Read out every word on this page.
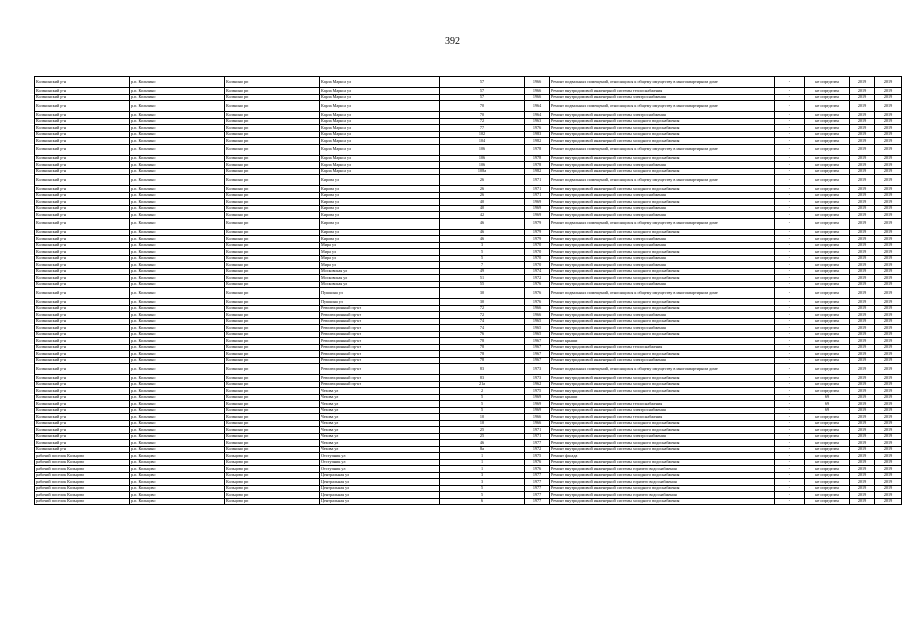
392
Кольчинский р-н	р.п. Кольчино	Кольчино рп	Карла Маркса ул	57	1966	Ремонт подвальных помещений, относящихся к общему имуществу в многоквартирном доме	-	не определен	2019	2019
Кольчинский р-н	р.п. Кольчино	Кольчино рп	Карла Маркса ул	57	1966	Ремонт внутридомовой инженерной системы теплоснабжения	-	не определен	2019	2019
Кольчинский р-н	р.п. Кольчино	Кольчино рп	Карла Маркса ул	57	1966	Ремонт внутридомовой инженерной системы электроснабжения	-	не определен	2019	2019
Кольчинский р-н	р.п. Кольчино	Кольчино рп	Карла Маркса ул	70	1964	Ремонт подвальных помещений, относящихся к общему имуществу в многоквартирном доме	-	не определен	2019	2019
Кольчинский р-н	р.п. Кольчино	Кольчино рп	Карла Маркса ул	70	1964	Ремонт внутридомовой инженерной системы электроснабжения	-	не определен	2019	2019
Кольчинский р-н	р.п. Кольчино	Кольчино рп	Карла Маркса ул	72	1963	Ремонт внутридомовой инженерной системы холодного водоснабжения	-	не определен	2019	2019
Кольчинский р-н	р.п. Кольчино	Кольчино рп	Карла Маркса ул	77	1976	Ремонт внутридомовой инженерной системы холодного водоснабжения	-	не определен	2019	2019
Кольчинский р-н	р.п. Кольчино	Кольчино рп	Карла Маркса ул	102	1983	Ремонт внутридомовой инженерной системы холодного водоснабжения	-	не определен	2019	2019
Кольчинский р-н	р.п. Кольчино	Кольчино рп	Карла Маркса ул	104	1982	Ремонт внутридомовой инженерной системы холодного водоснабжения	-	не определен	2019	2019
Кольчинский р-н	р.п. Кольчино	Кольчино рп	Карла Маркса ул	106	1978	Ремонт подвальных помещений, относящихся к общему имуществу в многоквартирном доме	-	не определен	2019	2019
Кольчинский р-н	р.п. Кольчино	Кольчино рп	Карла Маркса ул	106	1978	Ремонт внутридомовой инженерной системы холодного водоснабжения	-	не определен	2019	2019
Кольчинский р-н	р.п. Кольчино	Кольчино рп	Карла Маркса ул	106	1978	Ремонт внутридомовой инженерной системы электроснабжения	-	не определен	2019	2019
Кольчинский р-н	р.п. Кольчино	Кольчино рп	Карла Маркса ул	108а	1982	Ремонт внутридомовой инженерной системы холодного водоснабжения	-	не определен	2019	2019
Кольчинский р-н	р.п. Кольчино	Кольчино рп	Кирова ул	26	1971	Ремонт подвальных помещений, относящихся к общему имуществу в многоквартирном доме	-	не определен	2019	2019
Кольчинский р-н	р.п. Кольчино	Кольчино рп	Кирова ул	26	1971	Ремонт внутридомовой инженерной системы холодного водоснабжения	-	не определен	2019	2019
Кольчинский р-н	р.п. Кольчино	Кольчино рп	Кирова ул	26	1971	Ремонт внутридомовой инженерной системы электроснабжения	-	не определен	2019	2019
Кольчинский р-н	р.п. Кольчино	Кольчино рп	Кирова ул	40	1969	Ремонт внутридомовой инженерной системы холодного водоснабжения	-	не определен	2019	2019
Кольчинский р-н	р.п. Кольчино	Кольчино рп	Кирова ул	40	1969	Ремонт внутридомовой инженерной системы электроснабжения	-	не определен	2019	2019
Кольчинский р-н	р.п. Кольчино	Кольчино рп	Кирова ул	42	1969	Ремонт внутридомовой инженерной системы электроснабжения	-	не определен	2019	2019
Кольчинский р-н	р.п. Кольчино	Кольчино рп	Кирова ул	46	1979	Ремонт подвальных помещений, относящихся к общему имуществу в многоквартирном доме	-	не определен	2019	2019
Кольчинский р-н	р.п. Кольчино	Кольчино рп	Кирова ул	46	1979	Ремонт внутридомовой инженерной системы холодного водоснабжения	-	не определен	2019	2019
Кольчинский р-н	р.п. Кольчино	Кольчино рп	Кирова ул	46	1979	Ремонт внутридомовой инженерной системы электроснабжения	-	не определен	2019	2019
Кольчинский р-н	р.п. Кольчино	Кольчино рп	Мира ул	3	1970	Ремонт внутридомовой инженерной системы электроснабжения	-	не определен	2019	2019
Кольчинский р-н	р.п. Кольчино	Кольчино рп	Мира ул	5	1970	Ремонт внутридомовой инженерной системы холодного водоснабжения	-	не определен	2019	2019
Кольчинский р-н	р.п. Кольчино	Кольчино рп	Мира ул	5	1970	Ремонт внутридомовой инженерной системы электроснабжения	-	не определен	2019	2019
Кольчинский р-н	р.п. Кольчино	Кольчино рп	Мира ул	7	1970	Ремонт внутридомовой инженерной системы электроснабжения	-	не определен	2019	2019
Кольчинский р-н	р.п. Кольчино	Кольчино рп	Московская ул	49	1974	Ремонт внутридомовой инженерной системы холодного водоснабжения	-	не определен	2019	2019
Кольчинский р-н	р.п. Кольчино	Кольчино рп	Московская ул	51	1972	Ремонт внутридомовой инженерной системы холодного водоснабжения	-	не определен	2019	2019
Кольчинский р-н	р.п. Кольчино	Кольчино рп	Московская ул	55	1976	Ремонт внутридомовой инженерной системы электроснабжения	-	не определен	2019	2019
Кольчинский р-н	р.п. Кольчино	Кольчино рп	Пушкина ул	30	1976	Ремонт подвальных помещений, относящихся к общему имуществу в многоквартирном доме	-	не определен	2019	2019
Кольчинский р-н	р.п. Кольчино	Кольчино рп	Пушкина ул	30	1976	Ремонт внутридомовой инженерной системы холодного водоснабжения	-	не определен	2019	2019
Кольчинский р-н	р.п. Кольчино	Кольчино рп	Революционный пр-кт	72	1966	Ремонт внутридомовой инженерной системы холодного водоснабжения	-	не определен	2019	2019
Кольчинский р-н	р.п. Кольчино	Кольчино рп	Революционный пр-кт	72	1966	Ремонт внутридомовой инженерной системы электроснабжения	-	не определен	2019	2019
Кольчинский р-н	р.п. Кольчино	Кольчино рп	Революционный пр-кт	74	1965	Ремонт внутридомовой инженерной системы холодного водоснабжения	-	не определен	2019	2019
Кольчинский р-н	р.п. Кольчино	Кольчино рп	Революционный пр-кт	74	1965	Ремонт внутридомовой инженерной системы электроснабжения	-	не определен	2019	2019
Кольчинский р-н	р.п. Кольчино	Кольчино рп	Революционный пр-кт	76	1965	Ремонт внутридомовой инженерной системы холодного водоснабжения	-	не определен	2019	2019
Кольчинский р-н	р.п. Кольчино	Кольчино рп	Революционный пр-кт	78	1967	Ремонт крыши	-	не определен	2019	2019
Кольчинский р-н	р.п. Кольчино	Кольчино рп	Революционный пр-кт	78	1967	Ремонт внутридомовой инженерной системы теплоснабжения	-	не определен	2019	2019
Кольчинский р-н	р.п. Кольчино	Кольчино рп	Революционный пр-кт	78	1967	Ремонт внутридомовой инженерной системы холодного водоснабжения	-	не определен	2019	2019
Кольчинский р-н	р.п. Кольчино	Кольчино рп	Революционный пр-кт	78	1967	Ремонт внутридомовой инженерной системы электроснабжения	-	не определен	2019	2019
Кольчинский р-н	р.п. Кольчино	Кольчино рп	Революционный пр-кт	83	1973	Ремонт подвальных помещений, относящихся к общему имуществу в многоквартирном доме	-	не определен	2019	2019
Кольчинский р-н	р.п. Кольчино	Кольчино рп	Революционный пр-кт	83	1973	Ремонт внутридомовой инженерной системы холодного водоснабжения	-	не определен	2019	2019
Кольчинский р-н	р.п. Кольчино	Кольчино рп	Революционный пр-кт	21а	1962	Ремонт внутридомовой инженерной системы холодного водоснабжения	-	не определен	2019	2019
Кольчинский р-н	р.п. Кольчино	Кольчино рп	Чехова ул	2	1975	Ремонт внутридомовой инженерной системы холодного водоснабжения	-	не определен	2019	2019
Кольчинский р-н	р.п. Кольчино	Кольчино рп	Чехова ул	5	1969	Ремонт крыши	-	69	2019	2019
Кольчинский р-н	р.п. Кольчино	Кольчино рп	Чехова ул	5	1969	Ремонт внутридомовой инженерной системы теплоснабжения	-	69	2019	2019
Кольчинский р-н	р.п. Кольчино	Кольчино рп	Чехова ул	5	1969	Ремонт внутридомовой инженерной системы электроснабжения	-	69	2019	2019
Кольчинский р-н	р.п. Кольчино	Кольчино рп	Чехова ул	10	1966	Ремонт внутридомовой инженерной системы теплоснабжения	-	не определен	2019	2019
Кольчинский р-н	р.п. Кольчино	Кольчино рп	Чехова ул	10	1966	Ремонт внутридомовой инженерной системы холодного водоснабжения	-	не определен	2019	2019
Кольчинский р-н	р.п. Кольчино	Кольчино рп	Чехова ул	25	1971	Ремонт внутридомовой инженерной системы холодного водоснабжения	-	не определен	2019	2019
Кольчинский р-н	р.п. Кольчино	Кольчино рп	Чехова ул	25	1971	Ремонт внутридомовой инженерной системы электроснабжения	-	не определен	2019	2019
Кольчинский р-н	р.п. Кольчино	Кольчино рп	Чехова ул	46	1977	Ремонт внутридомовой инженерной системы холодного водоснабжения	-	не определен	2019	2019
Кольчинский р-н	р.п. Кольчино	Кольчино рп	Чехова ул	8а	1972	Ремонт внутридомовой инженерной системы холодного водоснабжения	-	не определен	2019	2019
рабочий поселок Кольцово	р.п. Кольцово	Кольцово рп	Отступник ул	1	1975	Ремонт фасада	-	не определен	2019	2019
рабочий поселок Кольцово	р.п. Кольцово	Кольцово рп	Отступник ул	1	1976	Ремонт внутридомовой инженерной системы холодного водоснабжения	-	не определен	2019	2019
рабочий поселок Кольцово	р.п. Кольцово	Кольцово рп	Отступник ул	1	1976	Ремонт внутридомовой инженерной системы горячего водоснабжения	-	не определен	2019	2019
рабочий поселок Кольцово	р.п. Кольцово	Кольцово рп	Центральная ул	3	1977	Ремонт внутридомовой инженерной системы холодного водоснабжения	-	не определен	2019	2019
рабочий поселок Кольцово	р.п. Кольцово	Кольцово рп	Центральная ул	3	1977	Ремонт внутридомовой инженерной системы горячего водоснабжения	-	не определен	2019	2019
рабочий поселок Кольцово	р.п. Кольцово	Кольцово рп	Центральная ул	5	1977	Ремонт внутридомовой инженерной системы холодного водоснабжения	-	не определен	2019	2019
рабочий поселок Кольцово	р.п. Кольцово	Кольцово рп	Центральная ул	5	1977	Ремонт внутридомовой инженерной системы горячего водоснабжения	-	не определен	2019	2019
рабочий поселок Кольцово	р.п. Кольцово	Кольцово рп	Центральная ул	6	1977	Ремонт внутридомовой инженерной системы холодного водоснабжения	-	не определен	2019	2019
